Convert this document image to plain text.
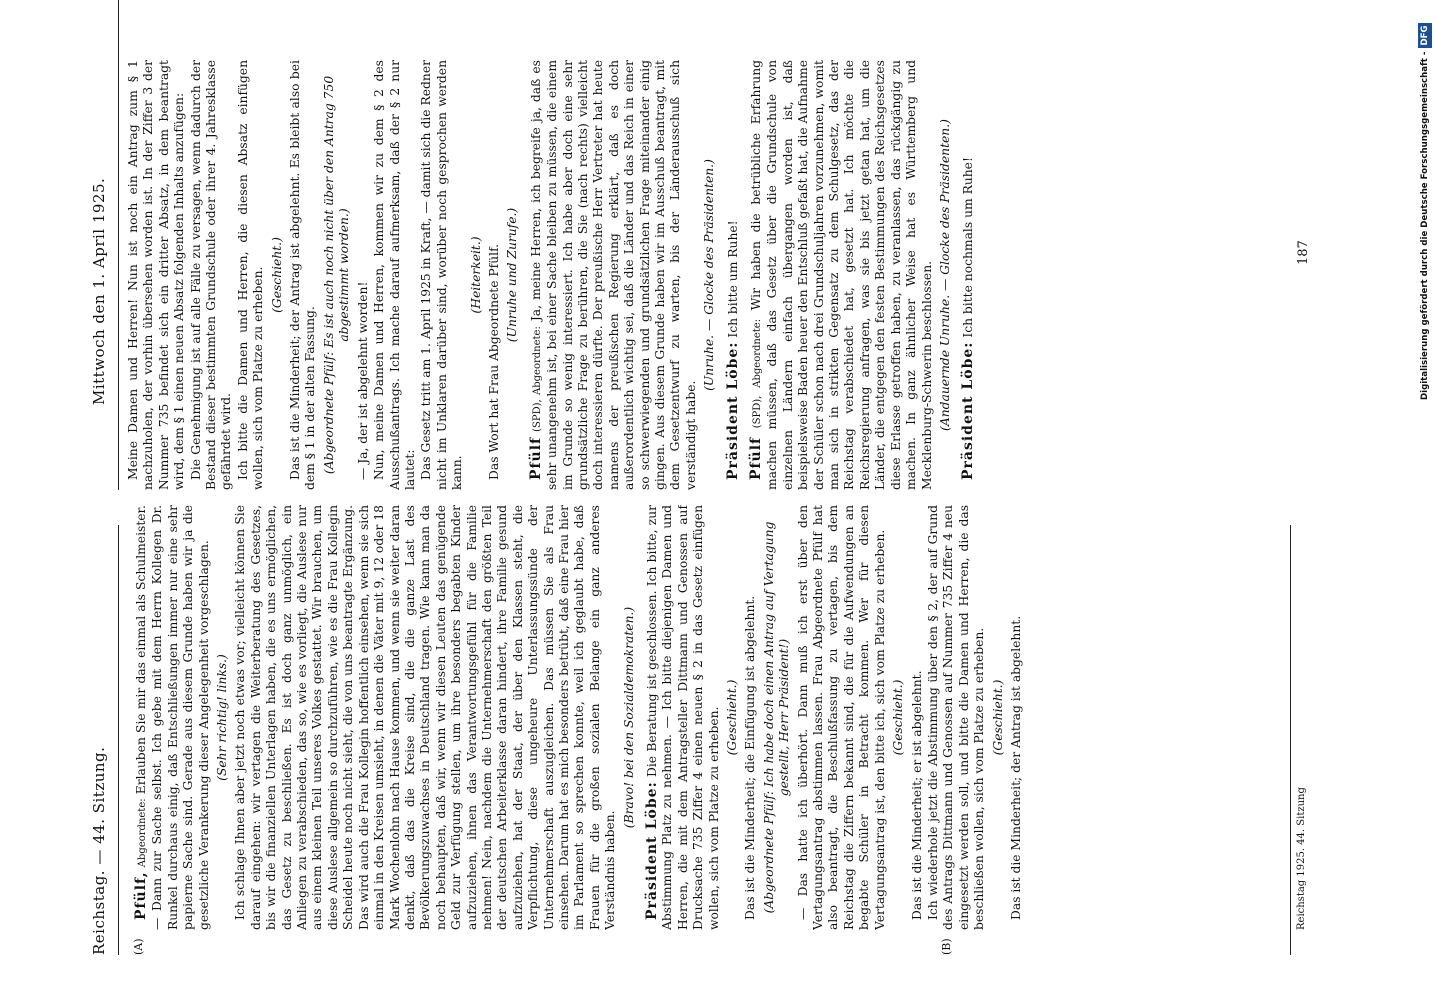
Reichstag. — 44. Sitzung.
Mittwoch den 1. April 1925.
(A)	(B)

Pfülf, Abgeordnete: Erlauben Sie mir das einmal als Schulmeister. — Dann zur Sache selbst. Ich gebe mit dem Herrn Kollegen Dr. Runkel durchaus einig, daß Entschließungen immer nur eine sehr papierne Sache sind. Gerade aus diesem Grunde haben wir ja die gesetzliche Verankerung dieser Angelegenheit vorgeschlagen. (Sehr richtig! links.) Ich schlage Ihnen aber jetzt noch etwas vor; vielleicht können Sie darauf eingehen: wir vertagen die Weiterberatung des Gesetzes, bis wir die finanziellen Unterlagen haben, die es uns ermöglichen, das Gesetz zu beschließen. Es ist doch ganz unmöglich, ein Anliegen zu verabschieden, das so, wie es vorliegt, die Auslese nur aus einem kleinen Teil unseres Volkes gestattet. Wir brauchen, um diese Auslese allgemein so durchzuführen, wie es die Frau Kollegin Scheidel heute noch nicht sieht, die von uns beantragte Ergänzung. Das wird auch die Frau Kollegin hoffentlich einsehen, wenn sie sich einmal in den Kreisen umsieht, in denen die Väter mit 9, 12 oder 18 Mark Wochenlohn nach Hause kommen, und wenn sie weiter daran denkt, daß das die Kreise sind, die die ganze Last des Bevölkerungszuwachses in Deutschland tragen. Wie kann man da noch behaupten, daß wir, wenn wir diesen Leuten das genügende Geld zur Verfügung stellen, um ihre besonders begabten Kinder aufzuziehen, ihnen das Verantwortungsgefühl für die Familie nehmen! Nein, nachdem die Unternehmerschaft den größten Teil der deutschen Arbeiterklasse daran hindert, ihre Familie gesund aufzuziehen, hat der Staat, der über den Klassen steht, die Verpflichtung, diese ungeheure Unterlassungssünde der Unternehmerschaft auszugleichen. Das müssen Sie als Frau einsehen. Darum hat es mich besonders betrübt, daß eine Frau hier im Parlament so sprechen konnte, weil ich geglaubt habe, daß Frauen für die großen sozialen Belange ein ganz anderes Verständnis haben.

(Bravo! bei den Sozialdemokraten.)

Präsident Löbe: Die Beratung ist geschlossen. Ich bitte, zur Abstimmung Platz zu nehmen. — Ich bitte diejenigen Damen und Herren, die mit dem Antragsteller Dittmann und Genossen auf Drucksache 735 Ziffer 4 einen neuen § 2 in das Gesetz einfügen wollen, sich vom Platze zu erheben. (Geschieht.) Das ist die Minderheit; die Einfügung ist abgelehnt. (Abgeordnete Pfülf: Ich habe doch einen Antrag auf Vertagung gestellt, Herr Präsident!) — Das hatte ich überhört. Dann muß ich erst über den Vertagungsantrag abstimmen lassen. Frau Abgeordnete Pfülf hat also beantragt, die Beschlußfassung zu vertagen, bis dem Reichstag die Ziffern bekannt sind, die für die Aufwendungen an begabte Schüler in Betracht kommen. Wer für diesen Vertagungsantrag ist, den bitte ich, sich vom Platze zu erheben. (Geschieht.) Das ist die Minderheit; er ist abgelehnt. Ich wiederhole jetzt die Abstimmung über den § 2, der auf Grund des Antrags Dittmann und Genossen auf Nummer 735 Ziffer 4 neu eingesetzt werden soll, und bitte die Damen und Herren, die das beschließen wollen, sich vom Platze zu erheben. (Geschieht.) Das ist die Minderheit; der Antrag ist abgelehnt.

Meine Damen und Herren! Nun ist noch ein Antrag zum § 1 nachzuholen, der vorhin übersehen worden ist. In der Ziffer 3 der Nummer 735 befindet sich ein dritter Absatz, in dem beantragt wird, dem § 1 einen neuen Absatz folgenden Inhalts anzufügen: Die Genehmigung ist auf alle Fälle zu versagen, wenn dadurch der Bestand dieser bestimmten Grundschule oder ihrer 4. Jahresklasse gefährdet wird. Ich bitte die Damen und Herren, die diesen Absatz einfügen wollen, sich vom Platze zu erheben. (Geschieht.) Das ist die Minderheit; der Antrag ist abgelehnt. Es bleibt also bei dem § 1 in der alten Fassung. (Abgeordnete Pfülf: Es ist auch noch nicht über den Antrag 750 abgestimmt worden.)

— Ja, der ist abgelehnt worden! Nun, meine Damen und Herren, kommen wir zu dem § 2 des Ausschußantrags. Ich mache darauf aufmerksam, daß der § 2 nur lautet: Das Gesetz tritt am 1. April 1925 in Kraft, — damit sich die Redner nicht im Unklaren darüber sind, worüber noch gesprochen werden kann.

(Heiterkeit.) Das Wort hat Frau Abgeordnete Pfülf. (Unruhe und Zurufe.)

Pfülf (SPD), Abgeordnete: Ja, meine Herren, ich begreife ja, daß es sehr unangenehm ist, bei einer Sache bleiben zu müssen, die einem im Grunde so wenig interessiert. Ich habe aber doch eine sehr grundsätzliche Frage zu berühren, die Sie (nach rechts) vielleicht doch interessieren dürfte. Der preußische Herr Vertreter hat heute namens der preußischen Regierung erklärt, daß es doch außerordentlich wichtig sei, daß die Länder und das Reich in einer so schwerwiegenden und grundsätzlichen Frage miteinander einig gingen. Aus diesem Grunde haben wir im Ausschuß beantragt, mit dem Gesetzentwurf zu warten, bis der Länderausschuß sich verständigt habe.

(Unruhe. — Glocke des Präsidenten.)

Präsident Löbe: Ich bitte um Ruhe!

Pfülf (SPD), Abgeordnete: Wir haben die betrübliche Erfahrung machen müssen, daß das Gesetz über die Grundschule von einzelnen Ländern einfach übergangen worden ist, daß beispielsweise Baden heuer den Entschluß gefaßt hat, die Aufnahme der Schüler schon nach drei Grundschuljahren vorzunehmen, womit man sich in strikten Gegensatz zu dem Schulgesetz, das der Reichstag verabschiedet hat, gesetzt hat. Ich möchte die Reichsregierung anfragen, was sie bis jetzt getan hat, um die Länder, die entgegen den festen Bestimmungen des Reichsgesetzes diese Erlasse getroffen haben, zu veranlassen, das rückgängig zu machen. In ganz ähnlicher Weise hat es Württemberg und Mecklenburg-Schwerin beschlossen. (Andauernde Unruhe. — Glocke des Präsidenten.) Präsident Löbe: Ich bitte nochmals um Ruhe!

Reichstag 1925. 44. Sitzung
187	Digitalisierung gefördert durch die Deutsche Forschungsgemeinschaft -DFG
